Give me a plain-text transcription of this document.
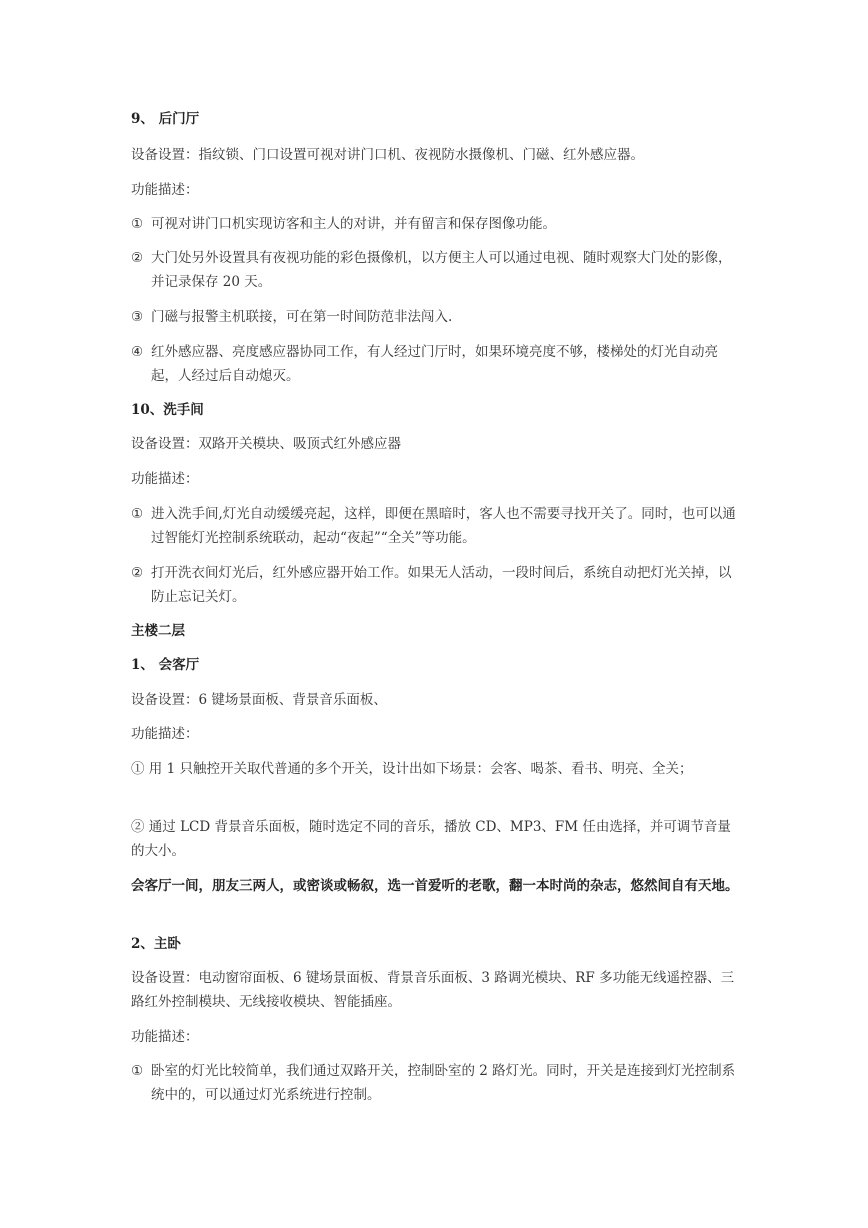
9、 后门厅

设备设置：指纹锁、门口设置可视对讲门口机、夜视防水摄像机、门磁、红外感应器。

功能描述：

① 可视对讲门口机实现访客和主人的对讲，并有留言和保存图像功能。
② 大门处另外设置具有夜视功能的彩色摄像机，以方便主人可以通过电视、随时观察大门处的影像，并记录保存 20 天。
③ 门磁与报警主机联接，可在第一时间防范非法闯入.
④ 红外感应器、亮度感应器协同工作，有人经过门厅时，如果环境亮度不够，楼梯处的灯光自动亮起，人经过后自动熄灭。

10、洗手间

设备设置：双路开关模块、吸顶式红外感应器

功能描述：

① 进入洗手间,灯光自动缓缓亮起，这样，即便在黑暗时，客人也不需要寻找开关了。同时，也可以通过智能灯光控制系统联动，起动“夜起”“全关”等功能。
② 打开洗衣间灯光后，红外感应器开始工作。如果无人活动，一段时间后，系统自动把灯光关掉，以防止忘记关灯。

主楼二层

1、 会客厅

设备设置：6 键场景面板、背景音乐面板、

功能描述：

① 用 1 只触控开关取代普通的多个开关，设计出如下场景：会客、喝茶、看书、明亮、全关；

② 通过 LCD 背景音乐面板，随时选定不同的音乐，播放 CD、MP3、FM 任由选择，并可调节音量的大小。

会客厅一间，朋友三两人，或密谈或畅叙，选一首爱听的老歌，翻一本时尚的杂志，悠然间自有天地。

2、主卧

设备设置：电动窗帘面板、6 键场景面板、背景音乐面板、3 路调光模块、RF 多功能无线遥控器、三路红外控制模块、无线接收模块、智能插座。

功能描述：

① 卧室的灯光比较简单，我们通过双路开关，控制卧室的 2 路灯光。同时，开关是连接到灯光控制系统中的，可以通过灯光系统进行控制。
